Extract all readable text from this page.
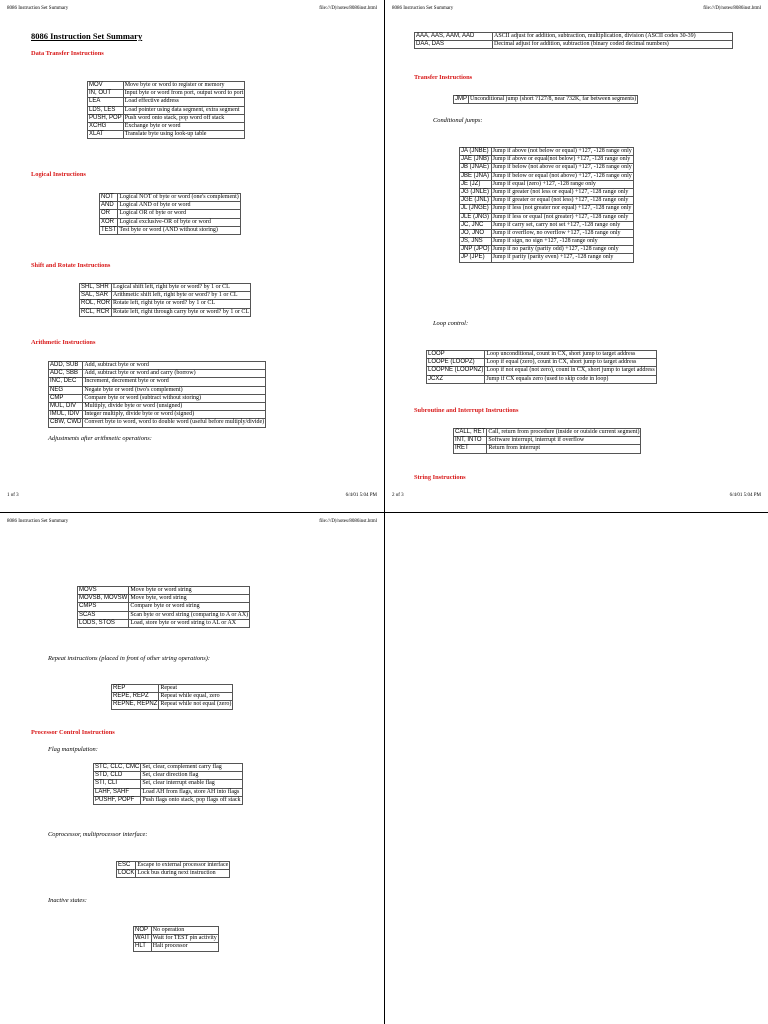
8086 Instruction Set Summary	file:///D|/notes/8086inst.html
8086 Instruction Set Summary
Data Transfer Instructions
MOV	Move byte or word to register or memory
IN, OUT	Input byte or word from port, output word to port
LEA	Load effective address
LDS, LES	Load pointer using data segment, extra segment
PUSH, POP	Push word onto stack, pop word off stack
XCHG	Exchange byte or word
XLAT	Translate byte using look-up table
Logical Instructions
NOT	Logical NOT of byte or word (one's complement)
AND	Logical AND of byte or word
OR	Logical OR of byte or word
XOR	Logical exclusive-OR of byte or word
TEST	Test byte or word (AND without storing)
Shift and Rotate Instructions
SHL, SHR	Logical shift left, right byte or word? by 1 or CL
SAL, SAR	Arithmetic shift left, right byte or word? by 1 or CL
ROL, ROR	Rotate left, right byte or word? by 1 or CL
RCL, RCR	Rotate left, right through carry byte or word? by 1 or CL
Arithmetic Instructions
ADD, SUB	Add, subtract byte or word
ADC, SBB	Add, subtract byte or word and carry (borrow)
INC, DEC	Increment, decrement byte or word
NEG	Negate byte or word (two's complement)
CMP	Compare byte or word (subtract without storing)
MUL, DIV	Multiply, divide byte or word (unsigned)
IMUL, IDIV	Integer multiply, divide byte or word (signed)
CBW, CWD	Convert byte to word, word to double word (useful before multiply/divide)
Adjustments after arithmetic operations:
1 of 3	6/4/01 5:04 PM
8086 Instruction Set Summary	file:///D|/notes/8086inst.html
AAA, AAS, AAM, AAD	ASCII adjust for addition, subtraction, multiplication, division (ASCII codes 30-39)
DAA, DAS	Decimal adjust for addition, subtraction (binary coded decimal numbers)
Transfer Instructions
JMP	Unconditional jump (short ?127/8, near ?32K, far between segments)
Conditional jumps:
JA (JNBE)	Jump if above (not below or equal) +127, -128 range only
JAE (JNB)	Jump if above or equal(not below) +127, -128 range only
JB (JNAE)	Jump if below (not above or equal) +127, -128 range only
JBE (JNA)	Jump if below or equal (not above) +127, -128 range only
JE (JZ)	Jump if equal (zero) +127, -128 range only
JG (JNLE)	Jump if greater (not less or equal) +127, -128 range only
JGE (JNL)	Jump if greater or equal (not less) +127, -128 range only
JL (JNGE)	Jump if less (not greater nor equal) +127, -128 range only
JLE (JNG)	Jump if less or equal (not greater) +127, -128 range only
JC, JNC	Jump if carry set, carry not set +127, -128 range only
JO, JNO	Jump if overflow, no overflow +127, -128 range only
JS, JNS	Jump if sign, no sign +127, -128 range only
JNP (JPO)	Jump if no parity (parity odd) +127, -128 range only
JP (JPE)	Jump if parity (parity even) +127, -128 range only
Loop control:
LOOP	Loop unconditional, count in CX, short jump to target address
LOOPE (LOOPZ)	Loop if equal (zero), count in CX, short jump to target address
LOOPNE (LOOPNZ)	Loop if not equal (not zero), count in CX, short jump to target address
JCXZ	Jump if CX equals zero (used to skip code in loop)
Subroutine and Interrupt Instructions
CALL, RET	Call, return from procedure (inside or outside current segment)
INT, INTO	Software interrupt, interrupt if overflow
IRET	Return from interrupt
String Instructions
2 of 3	6/4/01 5:04 PM
8086 Instruction Set Summary	file:///D|/notes/8086inst.html
MOVS	Move byte or word string
MOVSB, MOVSW	Move byte, word string
CMPS	Compare byte or word string
SCAS	Scan byte or word string (comparing to A or AX)
LODS, STOS	Load, store byte or word string to AL or AX
Repeat instructions (placed in front of other string operations):
REP	Repeat
REPE, REPZ	Repeat while equal, zero
REPNE, REPNZ	Repeat while not equal (zero)
Processor Control Instructions
Flag manipulation:
STC, CLC, CMC	Set, clear, complement carry flag
STD, CLD	Set, clear direction flag
STI, CLI	Set, clear interrupt enable flag
LAHF, SAHF	Load AH from flags, store AH into flags
PUSHF, POPF	Push flags onto stack, pop flags off stack
Coprocessor, multiprocessor interface:
ESC	Escape to external processor interface
LOCK	Lock bus during next instruction
Inactive states:
NOP	No operation
WAIT	Wait for TEST pin activity
HLT	Halt processor
